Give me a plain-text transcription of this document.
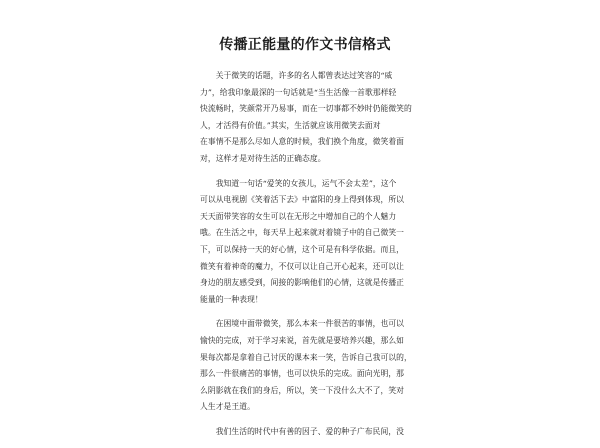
传播正能量的作文书信格式
　　关于微笑的话题，许多的名人都曾表达过笑容的“威
力”，给我印象最深的一句话就是“当生活像一首歌那样轻
快流畅时，笑颜常开乃易事，而在一切事都不妙时仍能微笑的
人，才活得有价值。”其实，生活就应该用微笑去面对
在事情不是那么尽如人意的时候，我们换个角度，微笑着面
对，这样才是对待生活的正确态度。
　　我知道一句话“爱笑的女孩儿，运气不会太差”，这个
可以从电视剧《笑着活下去》中富阳的身上得到体现，所以
天天面带笑容的女生可以在无形之中增加自己的个人魅力
哦。在生活之中，每天早上起来就对着镜子中的自己微笑一
下，可以保持一天的好心情，这个可是有科学依据。而且，
微笑有着神奇的魔力，不仅可以让自己开心起来，还可以让
身边的朋友感受到，间接的影响他们的心情，这就是传播正
能量的一种表现！
　　在困境中面带微笑，那么本来一件很苦的事情，也可以
愉快的完成，对于学习来说，首先就是要培养兴趣，那么如
果每次都是拿着自己讨厌的课本来一笑，告诉自己我可以的，
那么一件很痛苦的事情，也可以快乐的完成。面向光明，那
么阴影就在我们的身后，所以，笑一下没什么大不了，笑对
人生才是王道。
　　我们生活的时代中有善的因子、爱的种子广布民间，没
